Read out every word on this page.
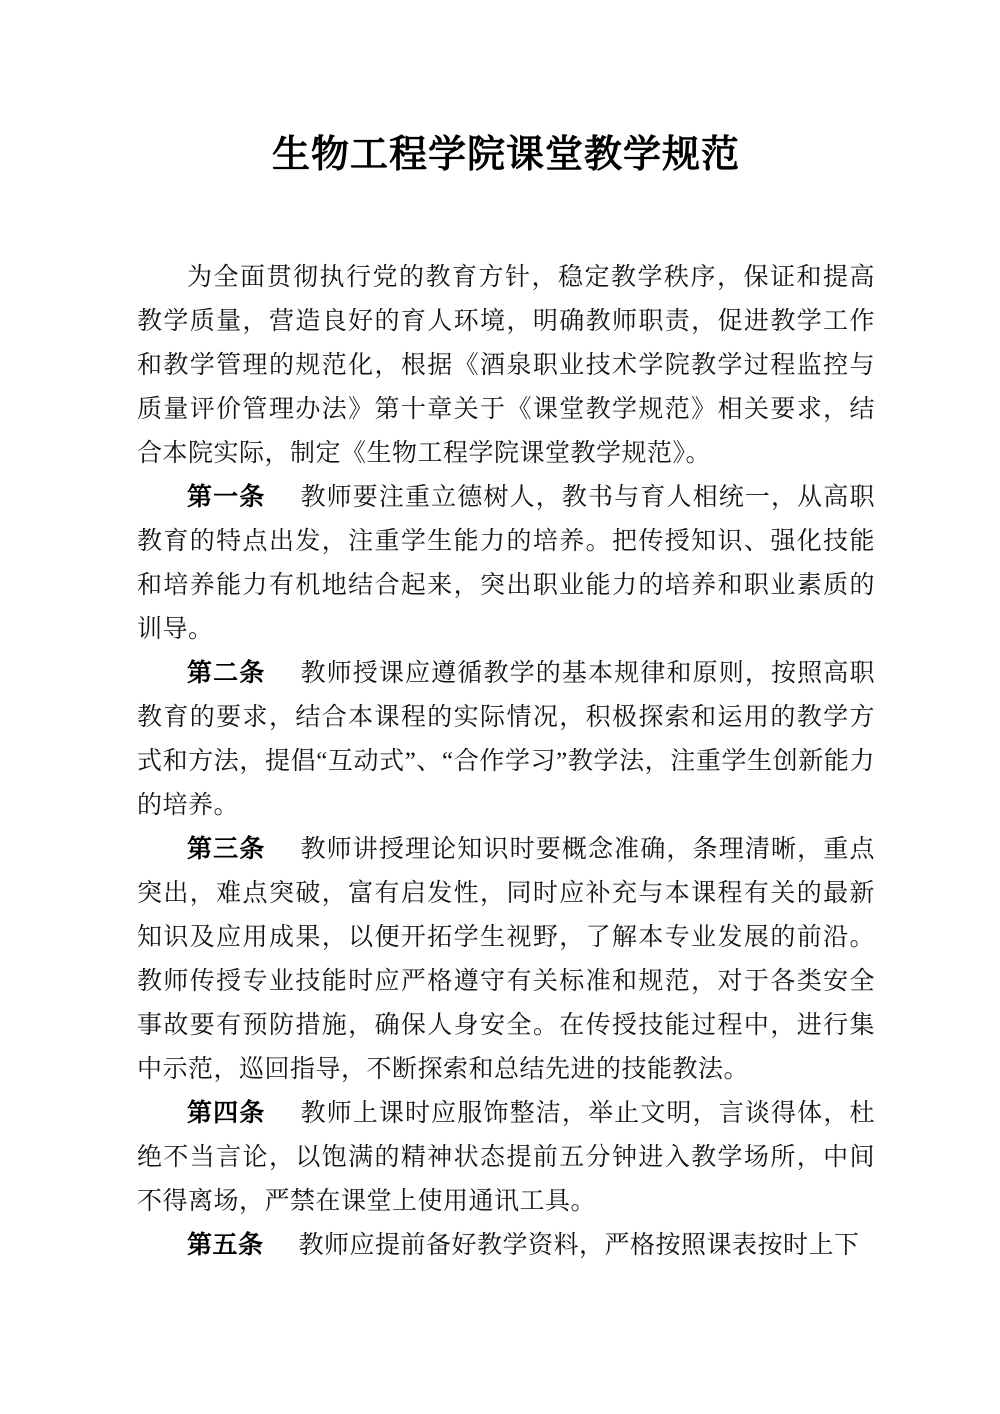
生物工程学院课堂教学规范

为全面贯彻执行党的教育方针，稳定教学秩序，保证和提高教学质量，营造良好的育人环境，明确教师职责，促进教学工作和教学管理的规范化，根据《酒泉职业技术学院教学过程监控与质量评价管理办法》第十章关于《课堂教学规范》相关要求，结合本院实际，制定《生物工程学院课堂教学规范》。

第一条 教师要注重立德树人，教书与育人相统一，从高职教育的特点出发，注重学生能力的培养。把传授知识、强化技能和培养能力有机地结合起来，突出职业能力的培养和职业素质的训导。

第二条 教师授课应遵循教学的基本规律和原则，按照高职教育的要求，结合本课程的实际情况，积极探索和运用的教学方式和方法，提倡“互动式”、“合作学习”教学法，注重学生创新能力的培养。

第三条 教师讲授理论知识时要概念准确，条理清晰，重点突出，难点突破，富有启发性，同时应补充与本课程有关的最新知识及应用成果，以便开拓学生视野，了解本专业发展的前沿。教师传授专业技能时应严格遵守有关标准和规范，对于各类安全事故要有预防措施，确保人身安全。在传授技能过程中，进行集中示范，巡回指导，不断探索和总结先进的技能教法。

第四条 教师上课时应服饰整洁，举止文明，言谈得体，杜绝不当言论，以饱满的精神状态提前五分钟进入教学场所，中间不得离场，严禁在课堂上使用通讯工具。

第五条 教师应提前备好教学资料，严格按照课表按时上下
